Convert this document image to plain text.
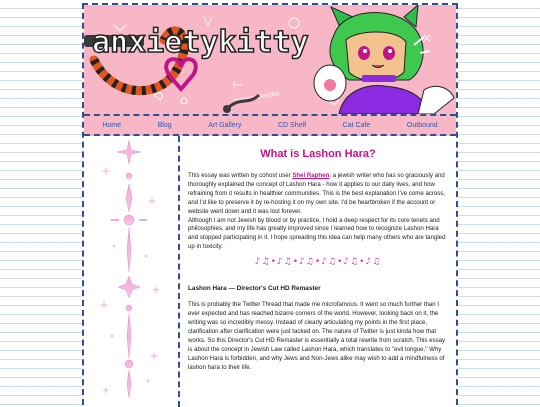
anxietykitty
music means
Home	Blog	Art Gallery	CD Shelf	Cat Cafe	Outbound
What is Lashon Hara?

This essay was written by cohost user Shel Raphen, a jewish writer who has so graciously and thoroughly explained the concept of Lashon Hara - how it applies to our daily lives, and how refraining from it results in healthier communities. This is the best explanation I've come across, and I'd like to preserve it by re-hosting it on my own site. I'd be heartbroken if the account or website went down and it was lost forever.

Although I am not Jewish by blood or by practice, I hold a deep respect for its core tenets and philosophies, and my life has greatly improved since I learned how to recognize Lashon Hara and stopped participating in it. I hope spreading this idea can help many others who are tangled up in toxicity.

♪♫•♪♫•♪♫•♪♫•♪♫•♪♫
Lashon Hara — Director's Cut HD Remaster

This is probably the Twitter Thread that made me microfamous. It went so much further than I ever expected and has reached bizarre corners of the world. However, looking back on it, the writing was so incredibly messy. Instead of clearly articulating my points in the first place, clarification after clarification were just tacked on. The nature of Twitter is just kinda how that works. So this Director's Cut HD Remaster is essentially a total rewrite from scratch. This essay is about the concept in Jewish Law called Lashon Hara, which translates to "evil tongue." Why Lashon Hara is forbidden, and why Jews and Non-Jews alike may wish to add a mindfulness of lashon hara to their life.
